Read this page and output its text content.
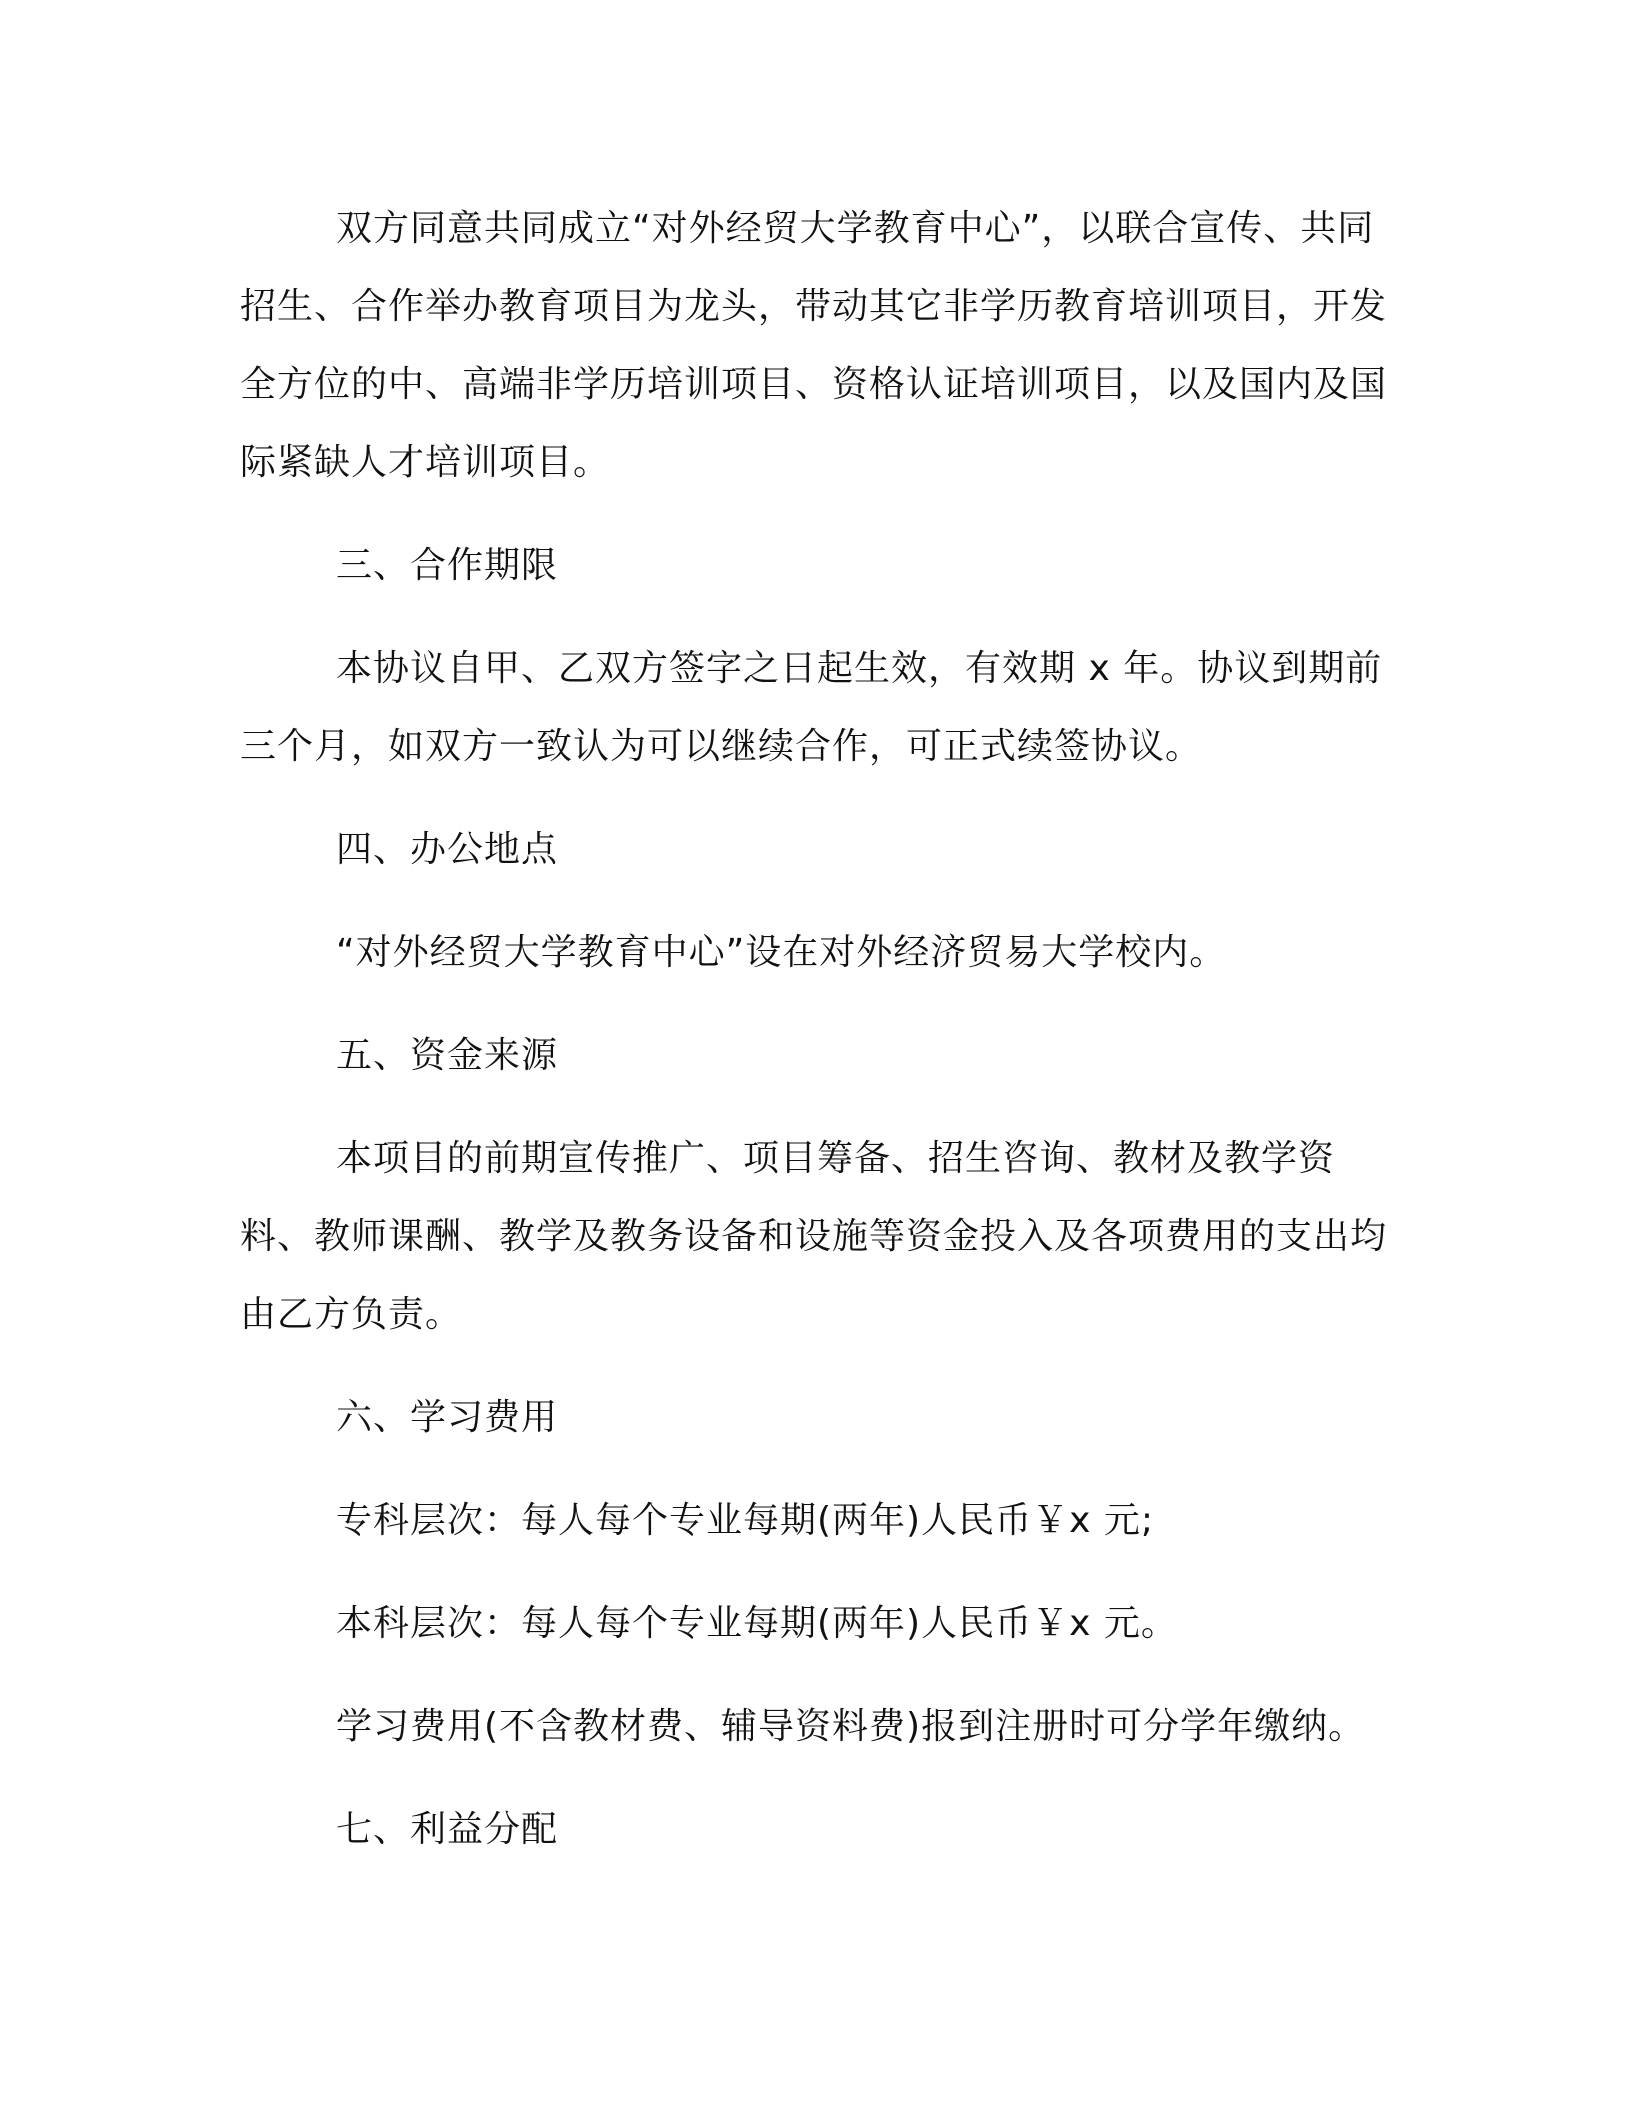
双方同意共同成立“对外经贸大学教育中心”，以联合宣传、共同招生、合作举办教育项目为龙头，带动其它非学历教育培训项目，开发全方位的中、高端非学历培训项目、资格认证培训项目，以及国内及国际紧缺人才培训项目。

三、合作期限

本协议自甲、乙双方签字之日起生效，有效期 x 年。协议到期前三个月，如双方一致认为可以继续合作，可正式续签协议。

四、办公地点

“对外经贸大学教育中心”设在对外经济贸易大学校内。

五、资金来源

本项目的前期宣传推广、项目筹备、招生咨询、教材及教学资料、教师课酬、教学及教务设备和设施等资金投入及各项费用的支出均由乙方负责。

六、学习费用

专科层次：每人每个专业每期(两年)人民币￥x 元;

本科层次：每人每个专业每期(两年)人民币￥x 元。

学习费用(不含教材费、辅导资料费)报到注册时可分学年缴纳。

七、利益分配
